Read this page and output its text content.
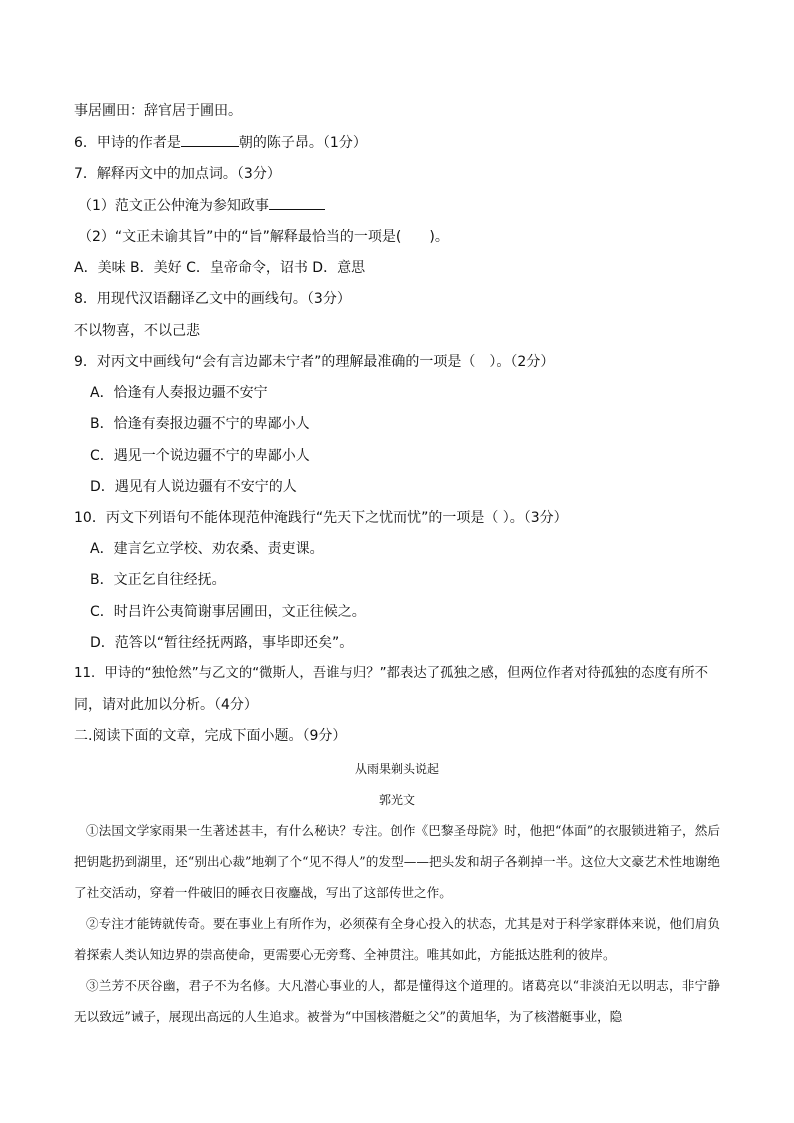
事居圃田：辞官居于圃田。
6．甲诗的作者是	朝的陈子昂。（1分）
7．解释丙文中的加点词。（3分）
（1）范文正公仲淹为参知政事
（2）“文正未谕其旨”中的“旨”解释最恰当的一项是(　　)。
A．美味 B．美好 C．皇帝命令，诏书 D．意思
8．用现代汉语翻译乙文中的画线句。（3分）
不以物喜，不以己悲
9．对丙文中画线句“会有言边鄙未宁者”的理解最准确的一项是（　）。（2分）
A．恰逢有人奏报边疆不安宁
B．恰逢有奏报边疆不宁的卑鄙小人
C．遇见一个说边疆不宁的卑鄙小人
D．遇见有人说边疆有不安宁的人
10．丙文下列语句不能体现范仲淹践行“先天下之忧而忧”的一项是（ ）。（3分）
A．建言乞立学校、劝农桑、责吏课。
B．文正乞自往经抚。
C．时吕许公夷简谢事居圃田，文正往候之。
D．范答以“暂往经抚两路，事毕即还矣”。
11．甲诗的“独怆然”与乙文的“微斯人，吾谁与归？”都表达了孤独之感，但两位作者对待孤独的态度有所不
同，请对此加以分析。（4分）
二.阅读下面的文章，完成下面小题。（9分）
从雨果剃头说起
郭光文
①法国文学家雨果一生著述甚丰，有什么秘诀？专注。创作《巴黎圣母院》时，他把“体面”的衣服锁进箱子，然后把钥匙扔到湖里，还“别出心裁”地剃了个“见不得人”的发型——把头发和胡子各剃掉一半。这位大文豪艺术性地谢绝了社交活动，穿着一件破旧的睡衣日夜鏖战，写出了这部传世之作。
②专注才能铸就传奇。要在事业上有所作为，必须葆有全身心投入的状态，尤其是对于科学家群体来说，他们肩负着探索人类认知边界的崇高使命，更需要心无旁骛、全神贯注。唯其如此，方能抵达胜利的彼岸。
③兰芳不厌谷幽，君子不为名修。大凡潜心事业的人，都是懂得这个道理的。诸葛亮以“非淡泊无以明志，非宁静无以致远”诫子，展现出高远的人生追求。被誉为“中国核潜艇之父”的黄旭华，为了核潜艇事业，隐
